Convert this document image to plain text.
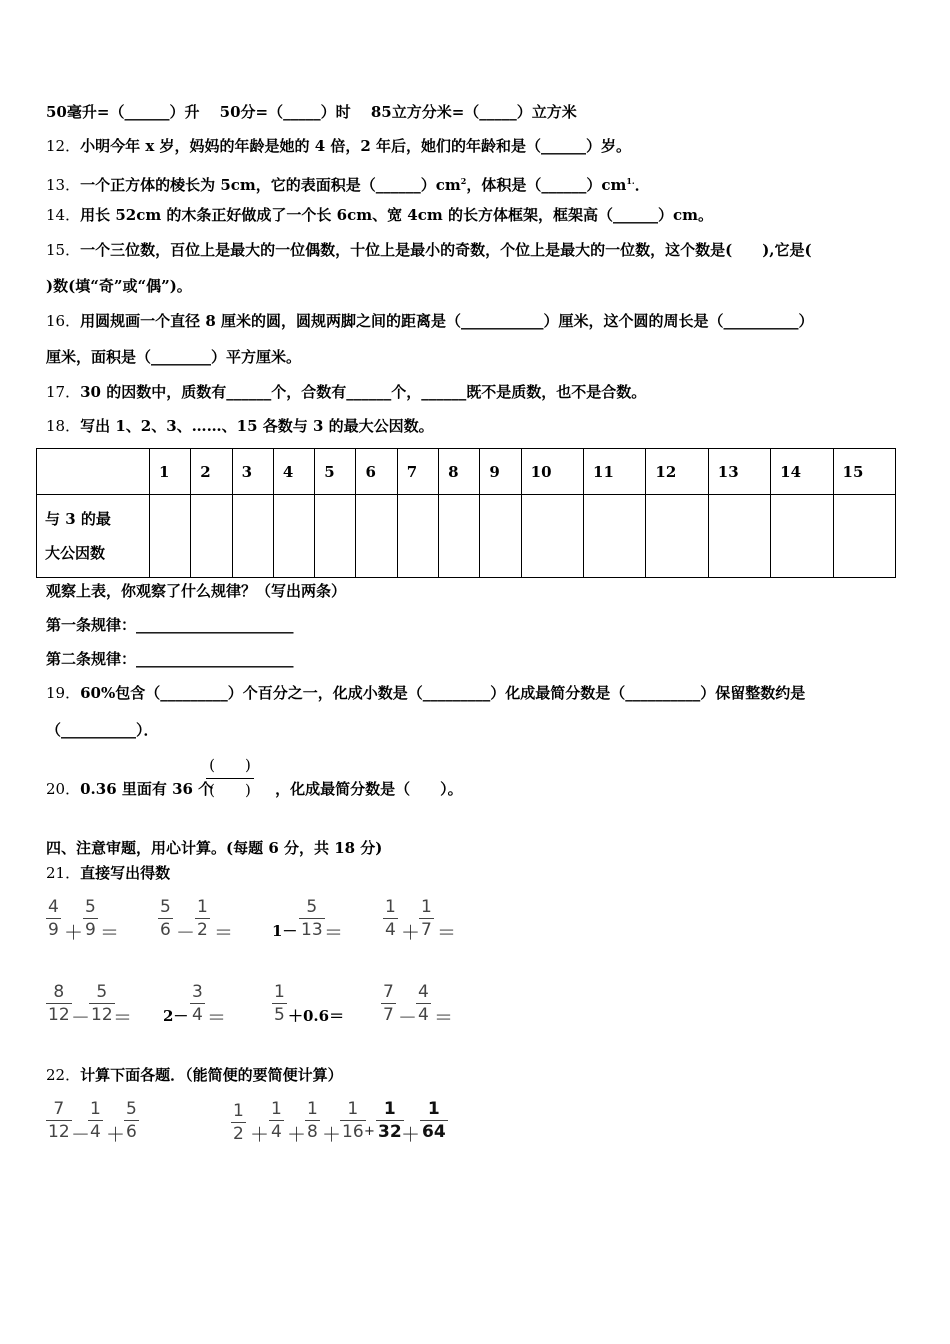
50毫升=（______）升　 50分=（_____）时　 85立方分米=（_____）立方米
12．小明今年 x 岁，妈妈的年龄是她的 4 倍，2 年后，她们的年龄和是（______）岁。
13．一个正方体的棱长为 5cm，它的表面积是$(\_\_\_\_\_\_)cm^2$，体积是$(\_\_\_\_\_\_)cm^{1.}$．
14．用长 52cm 的木条正好做成了一个长 6cm、宽 4cm 的长方体框架，框架高（______）cm。
15．一个三位数，百位上是最大的一位偶数，十位上是最小的奇数，个位上是最大的一位数，这个数是(　　),它是(
)数(填“奇”或“偶”)。
16．用圆规画一个直径 8 厘米的圆，圆规两脚之间的距离是（___________）厘米，这个圆的周长是（__________）
厘米，面积是（________）平方厘米。
17．30 的因数中，质数有______个，合数有______个，______既不是质数，也不是合数。
18．写出 1、2、3、……、15 各数与 3 的最大公因数。
	1	2	3	4	5	6	7	8	9	10	11	12	13	14	15

与 3 的最
大公因数															

观察上表，你观察了什么规律？（写出两条）
第一条规律：_____________________
第二条规律：_____________________
19．60%包含（_________）个百分之一，化成小数是（_________）化成最简分数是（__________）保留整数约是
（__________）．
20．0.36 里面有 36 个	，化成最简分数是（　　）。
(　　)
(　　)
四、注意审题，用心计算。(每题 6 分，共 18 分)
21．直接写出得数
$\frac{4}{9} + \frac{5}{9} = \frac{5}{6} - \frac{1}{2}$ ＝	$1- \frac{5}{13} = \frac{1}{4}$ ＋
$\frac{1}{7}$ ＝
$\frac{8}{12}$ －
$\frac{5}{12}$
＝ $2- \frac{3}{4}$ ＝	$\frac{1}{5} +0.6= \frac{7}{7}$ －
$\frac{4}{4}$ ＝
22．计算下面各题．（能简便的要简便计算）
$\frac{7}{12}$ －
$\frac{1}{4}$ ＋
$\frac{5}{6}$	$\frac{1}{2} + \frac{1}{4}$ ＋
$\frac{1}{8}$ ＋
$\frac{1}{16}$
+ $\frac{1}{32}$
＋ $\frac{1}{64}$
